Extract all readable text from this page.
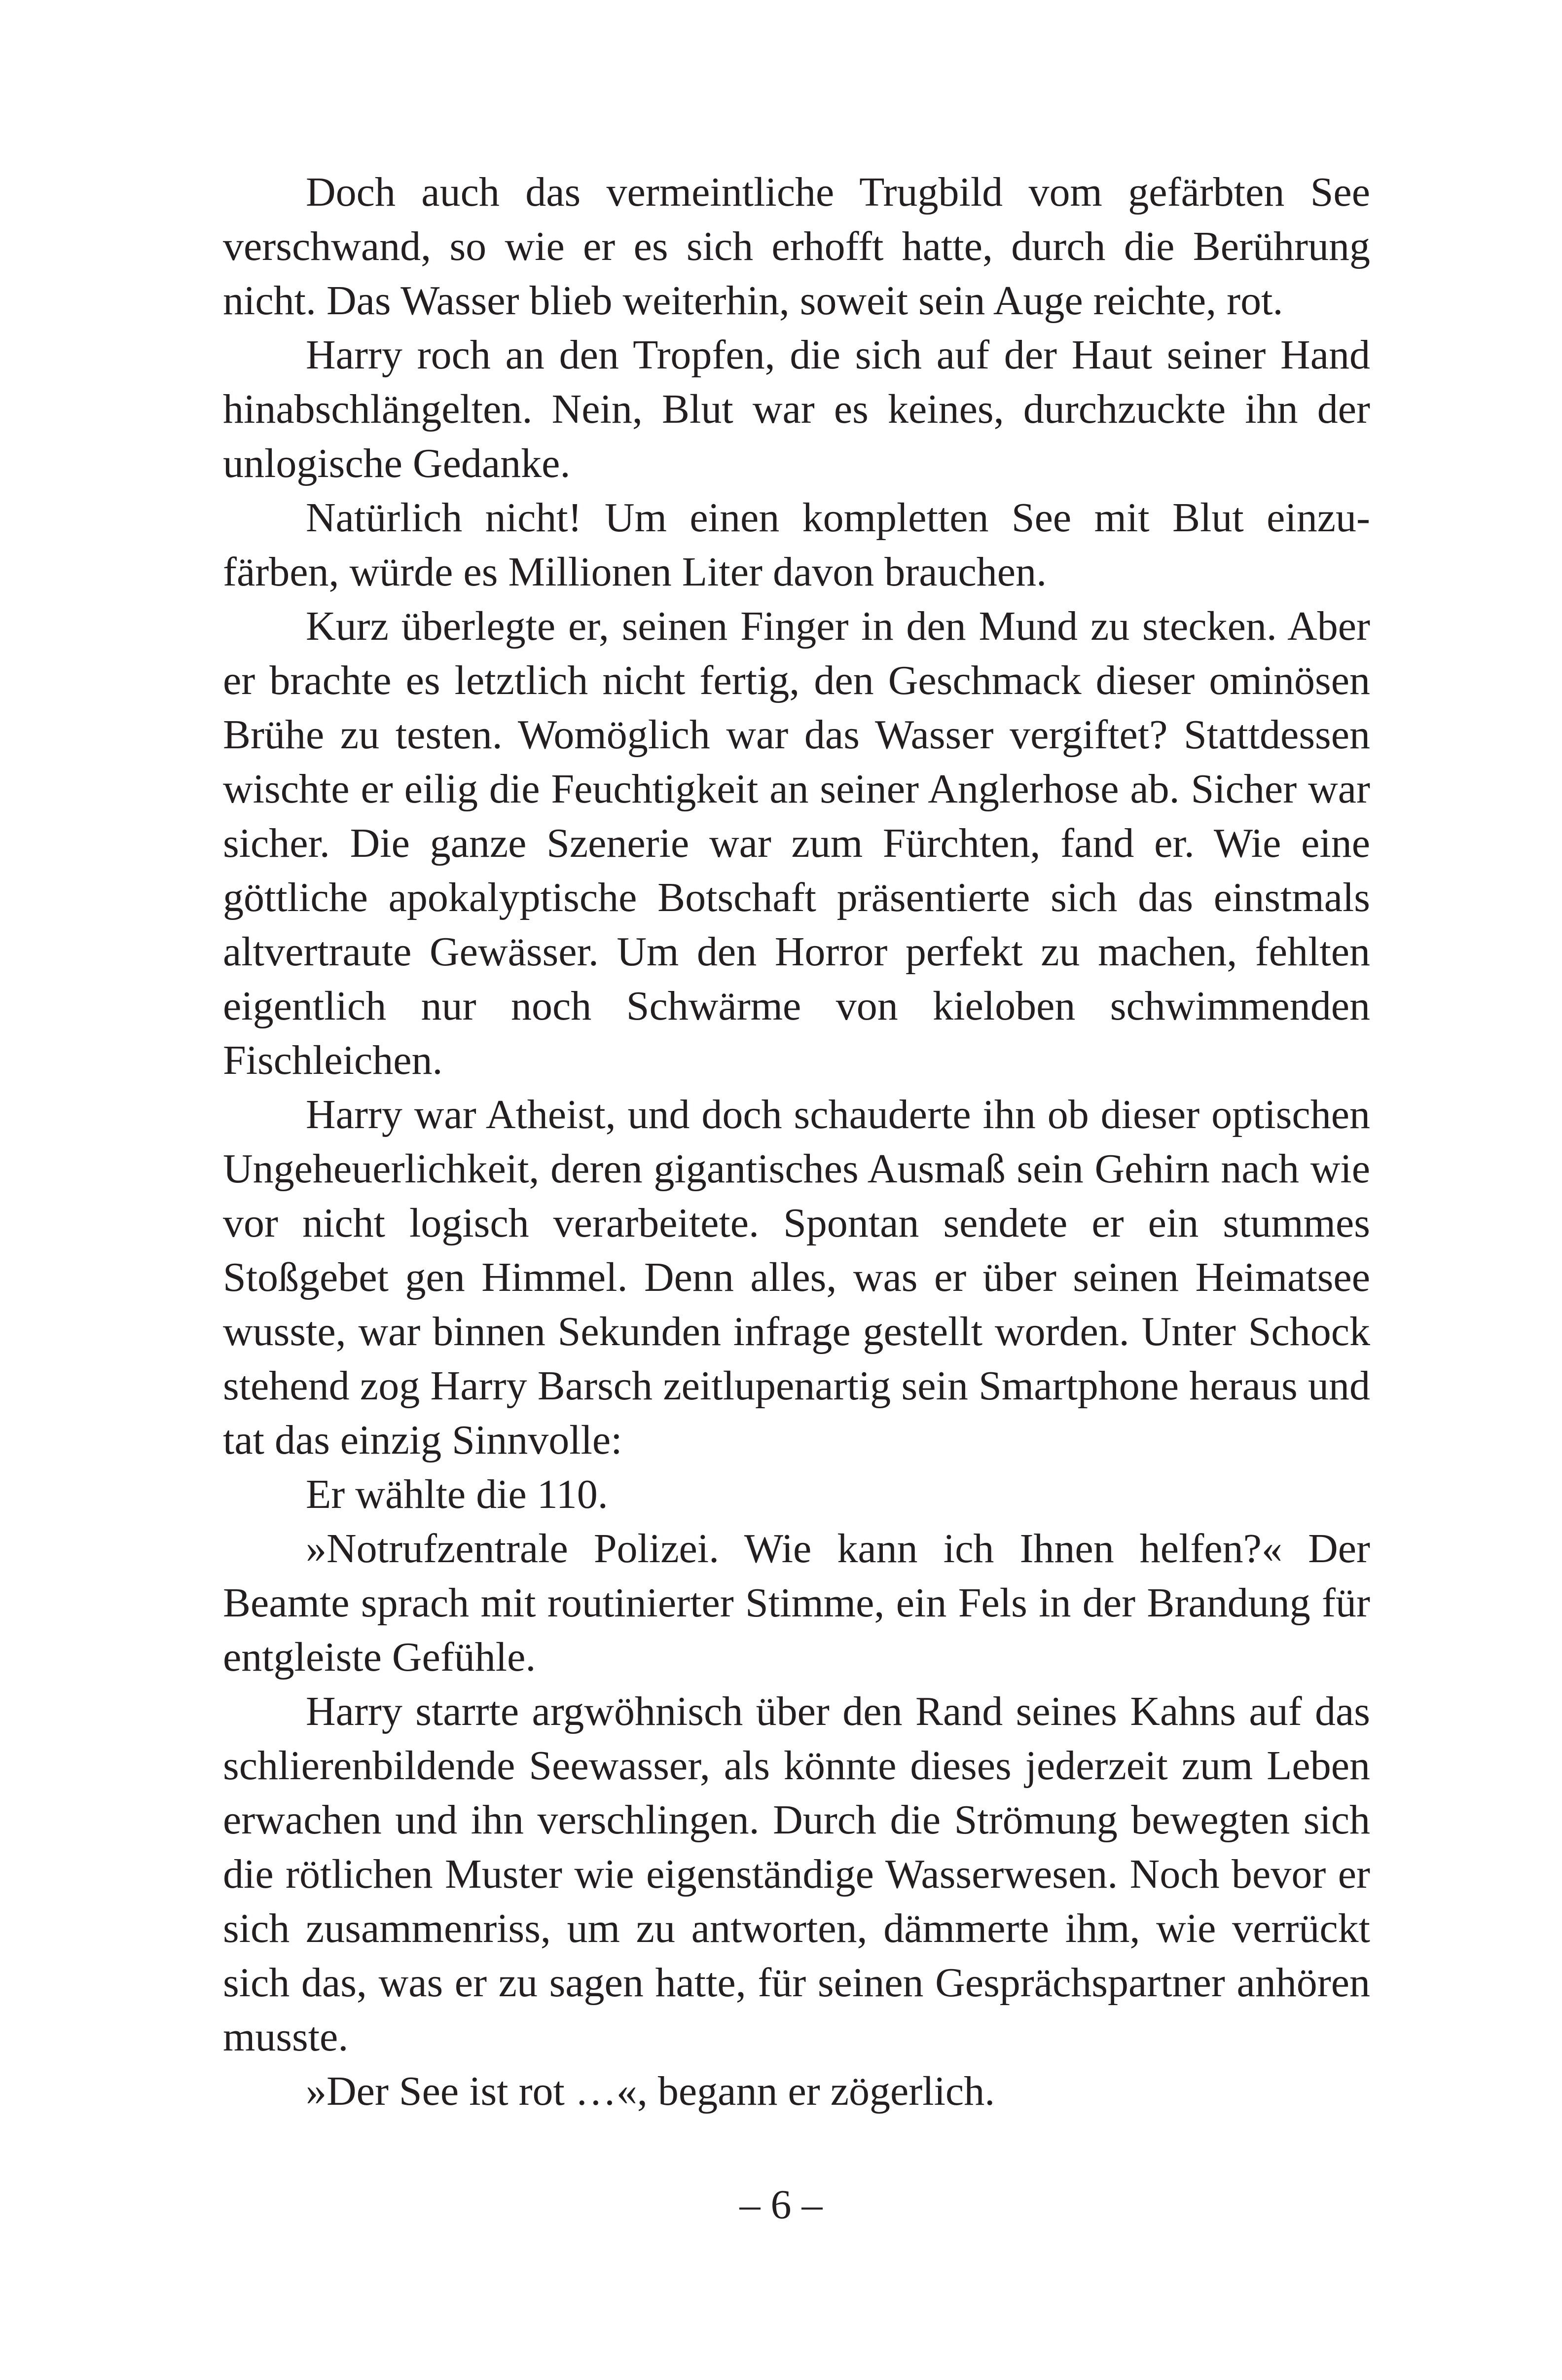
Doch auch das vermeintliche Trugbild vom gefärbten See verschwand, so wie er es sich erhofft hatte, durch die Berührung nicht. Das Wasser blieb weiterhin, soweit sein Auge reichte, rot.

Harry roch an den Tropfen, die sich auf der Haut seiner Hand hinabschlängelten. Nein, Blut war es keines, durchzuckte ihn der unlogische Gedanke.

Natürlich nicht! Um einen kompletten See mit Blut einzufärben, würde es Millionen Liter davon brauchen.

Kurz überlegte er, seinen Finger in den Mund zu stecken. Aber er brachte es letztlich nicht fertig, den Geschmack dieser ominösen Brühe zu testen. Womöglich war das Wasser vergiftet? Stattdessen wischte er eilig die Feuchtigkeit an seiner Anglerhose ab. Sicher war sicher. Die ganze Szenerie war zum Fürchten, fand er. Wie eine göttliche apokalyptische Botschaft präsentierte sich das einstmals altvertraute Gewässer. Um den Horror perfekt zu machen, fehlten eigentlich nur noch Schwärme von kieloben schwimmenden Fischleichen.

Harry war Atheist, und doch schauderte ihn ob dieser optischen Ungeheuerlichkeit, deren gigantisches Ausmaß sein Gehirn nach wie vor nicht logisch verarbeitete. Spontan sendete er ein stummes Stoßgebet gen Himmel. Denn alles, was er über seinen Heimatsee wusste, war binnen Sekunden infrage gestellt worden. Unter Schock stehend zog Harry Barsch zeitlupenartig sein Smartphone heraus und tat das einzig Sinnvolle:

Er wählte die 110.

»Notrufzentrale Polizei. Wie kann ich Ihnen helfen?« Der Beamte sprach mit routinierter Stimme, ein Fels in der Brandung für entgleiste Gefühle.

Harry starrte argwöhnisch über den Rand seines Kahns auf das schlierenbildende Seewasser, als könnte dieses jederzeit zum Leben erwachen und ihn verschlingen. Durch die Strömung bewegten sich die rötlichen Muster wie eigenständige Wasserwesen. Noch bevor er sich zusammenriss, um zu antworten, dämmerte ihm, wie verrückt sich das, was er zu sagen hatte, für seinen Gesprächspartner anhören musste.

»Der See ist rot …«, begann er zögerlich.

– 6 –
